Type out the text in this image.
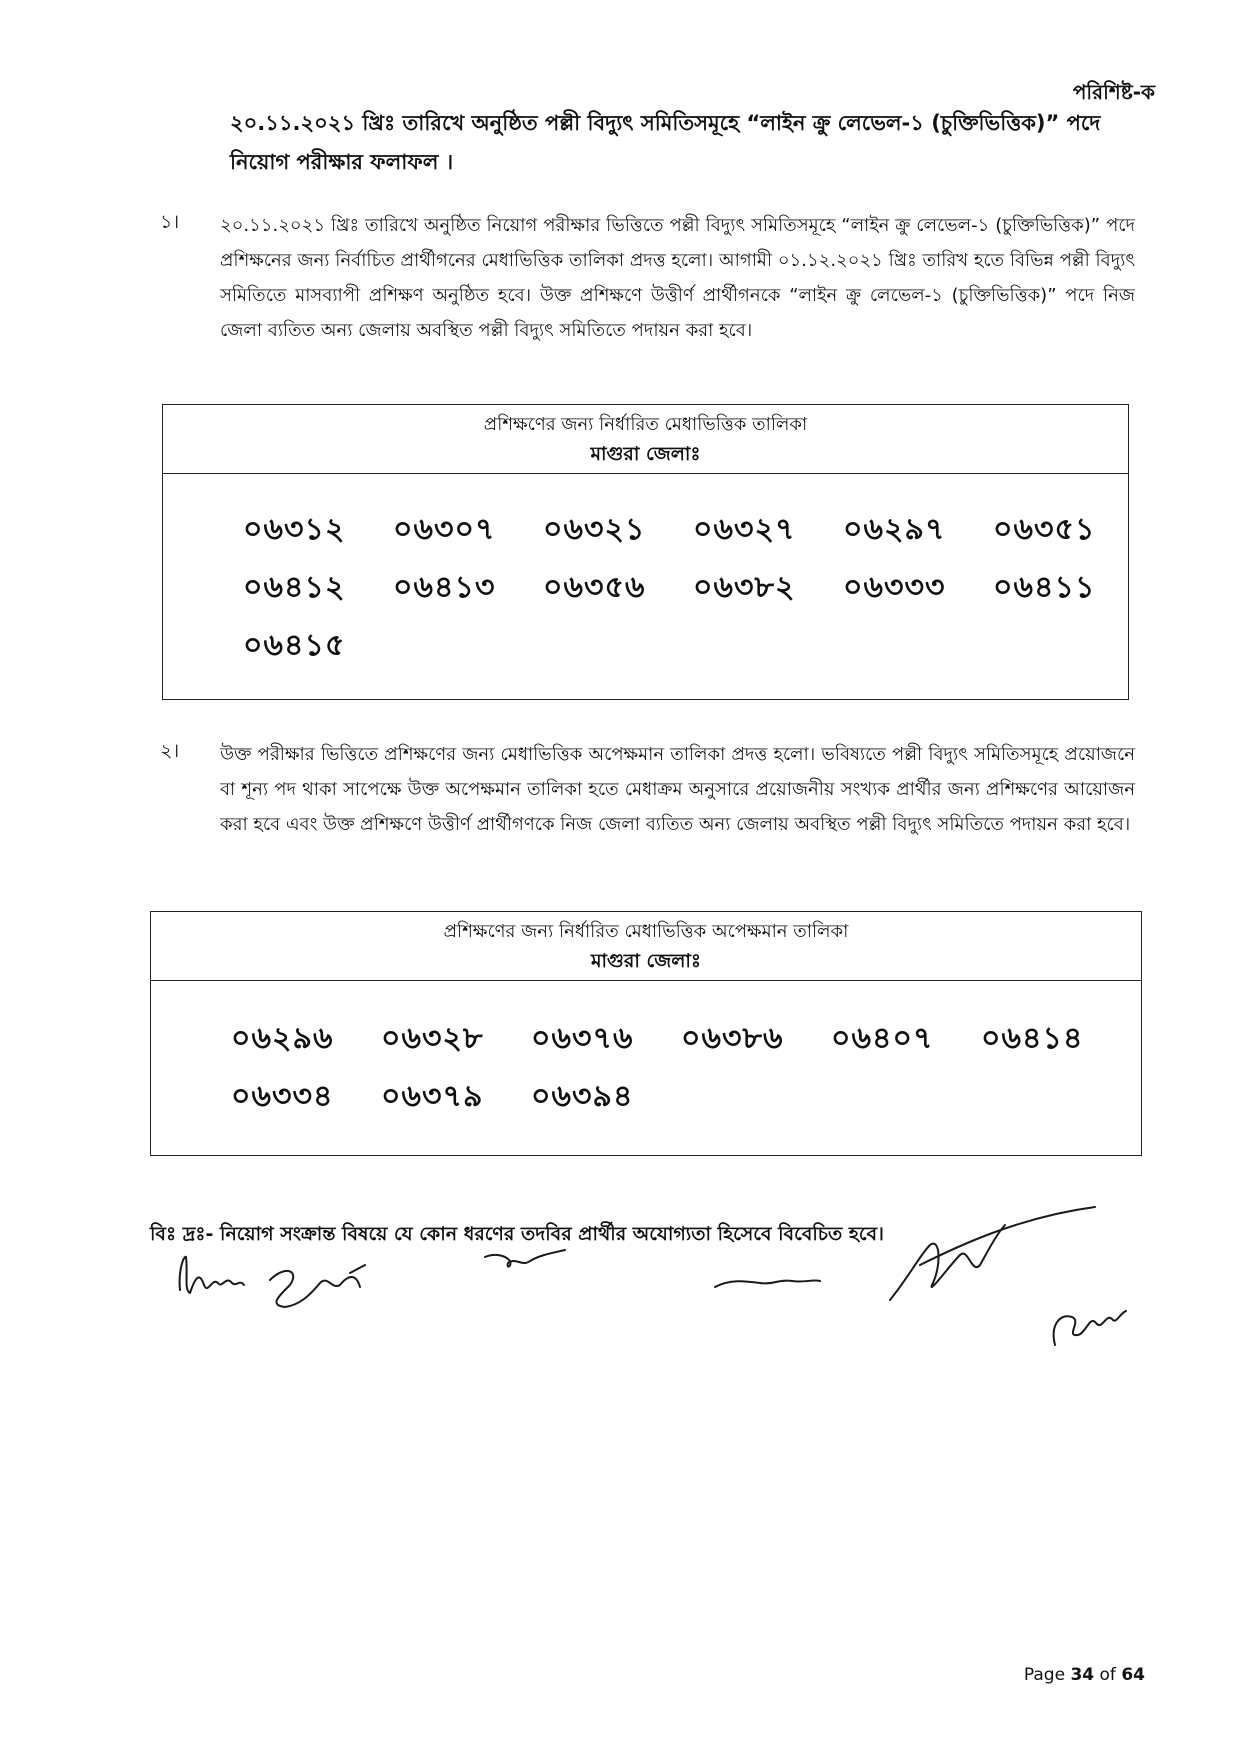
পরিশিষ্ট-ক
২০.১১.২০২১ খ্রিঃ তারিখে অনুষ্ঠিত পল্লী বিদ্যুৎ সমিতিসমূহে “লাইন ক্রু লেভেল-১ (চুক্তিভিত্তিক)” পদে নিয়োগ পরীক্ষার ফলাফল ।
১। ২০.১১.২০২১ খ্রিঃ তারিখে অনুষ্ঠিত নিয়োগ পরীক্ষার ভিত্তিতে পল্লী বিদ্যুৎ সমিতিসমূহে “লাইন ক্রু লেভেল-১ (চুক্তিভিত্তিক)” পদে প্রশিক্ষনের জন্য নির্বাচিত প্রার্থীগনের মেধাভিত্তিক তালিকা প্রদত্ত হলো। আগামী ০১.১২.২০২১ খ্রিঃ তারিখ হতে বিভিন্ন পল্লী বিদ্যুৎ সমিতিতে মাসব্যাপী প্রশিক্ষণ অনুষ্ঠিত হবে। উক্ত প্রশিক্ষণে উত্তীর্ণ প্রার্থীগনকে “লাইন ক্রু লেভেল-১ (চুক্তিভিত্তিক)” পদে নিজ জেলা ব্যতিত অন্য জেলায় অবস্থিত পল্লী বিদ্যুৎ সমিতিতে পদায়ন করা হবে।
প্রশিক্ষণের জন্য নির্ধারিত মেধাভিত্তিক তালিকা
মাগুরা জেলাঃ
০৬৩১২ ০৬৩০৭ ০৬৩২১ ০৬৩২৭ ০৬২৯৭ ০৬৩৫১
০৬৪১২ ০৬৪১৩ ০৬৩৫৬ ০৬৩৮২ ০৬৩৩৩ ০৬৪১১
০৬৪১৫
২। উক্ত পরীক্ষার ভিত্তিতে প্রশিক্ষণের জন্য মেধাভিত্তিক অপেক্ষমান তালিকা প্রদত্ত হলো। ভবিষ্যতে পল্লী বিদ্যুৎ সমিতিসমূহে প্রয়োজনে বা শূন্য পদ থাকা সাপেক্ষে উক্ত অপেক্ষমান তালিকা হতে মেধাক্রম অনুসারে প্রয়োজনীয় সংখ্যক প্রার্থীর জন্য প্রশিক্ষণের আয়োজন করা হবে এবং উক্ত প্রশিক্ষণে উত্তীর্ণ প্রার্থীগণকে নিজ জেলা ব্যতিত অন্য জেলায় অবস্থিত পল্লী বিদ্যুৎ সমিতিতে পদায়ন করা হবে।
প্রশিক্ষণের জন্য নির্ধারিত মেধাভিত্তিক অপেক্ষমান তালিকা
মাগুরা জেলাঃ
০৬২৯৬ ০৬৩২৮ ০৬৩৭৬ ০৬৩৮৬ ০৬৪০৭ ০৬৪১৪
০৬৩৩৪ ০৬৩৭৯ ০৬৩৯৪
বিঃ দ্রঃ- নিয়োগ সংক্রান্ত বিষয়ে যে কোন ধরণের তদবির প্রার্থীর অযোগ্যতা হিসেবে বিবেচিত হবে।
Page 34 of 64
